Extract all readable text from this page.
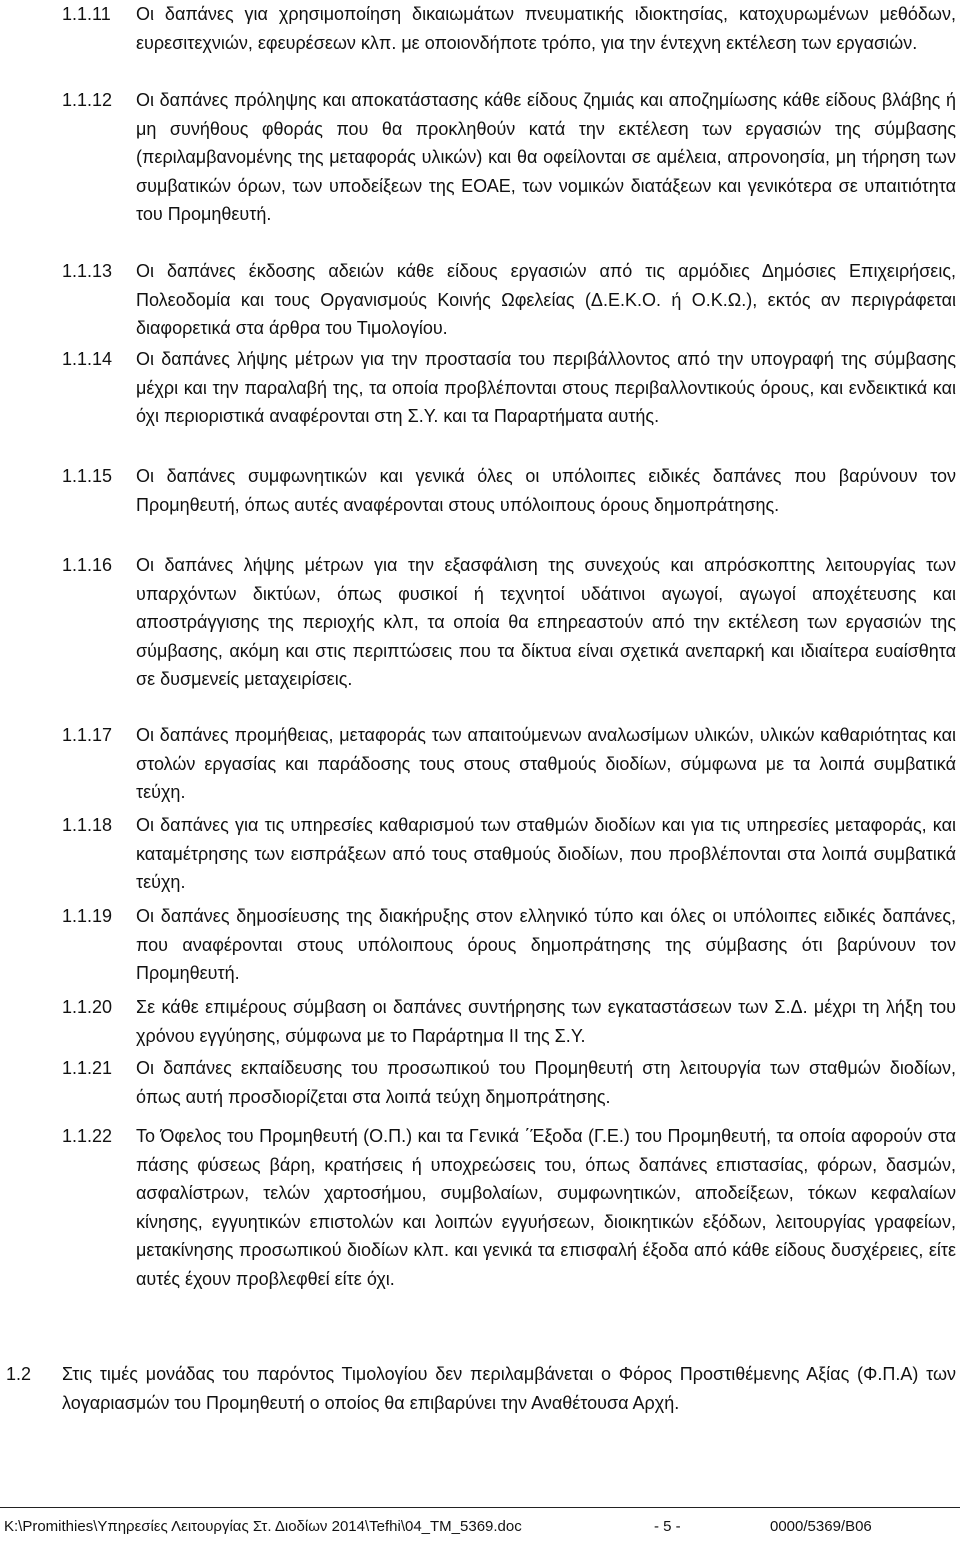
1.1.11 Οι δαπάνες για χρησιμοποίηση δικαιωμάτων πνευματικής ιδιοκτησίας, κατοχυρωμένων μεθόδων, ευρεσιτεχνιών, εφευρέσεων κλπ. με οποιονδήποτε τρόπο, για την έντεχνη εκτέλεση των εργασιών.
1.1.12 Οι δαπάνες πρόληψης και αποκατάστασης κάθε είδους ζημιάς και αποζημίωσης κάθε είδους βλάβης ή μη συνήθους φθοράς που θα προκληθούν κατά την εκτέλεση των εργασιών της σύμβασης (περιλαμβανομένης της μεταφοράς υλικών) και θα οφείλονται σε αμέλεια, απρονοησία, μη τήρηση των συμβατικών όρων, των υποδείξεων της ΕΟΑΕ, των νομικών διατάξεων και γενικότερα σε υπαιτιότητα του Προμηθευτή.
1.1.13 Οι δαπάνες έκδοσης αδειών κάθε είδους εργασιών από τις αρμόδιες Δημόσιες Επιχειρήσεις, Πολεοδομία και τους Οργανισμούς Κοινής Ωφελείας (Δ.Ε.Κ.Ο. ή Ο.Κ.Ω.), εκτός αν περιγράφεται διαφορετικά στα άρθρα του Τιμολογίου.
1.1.14 Οι δαπάνες λήψης μέτρων για την προστασία του περιβάλλοντος από την υπογραφή της σύμβασης μέχρι και την παραλαβή της, τα οποία προβλέπονται στους περιβαλλοντικούς όρους, και ενδεικτικά και όχι περιοριστικά αναφέρονται στη Σ.Υ. και τα Παραρτήματα αυτής.
1.1.15 Οι δαπάνες συμφωνητικών και γενικά όλες οι υπόλοιπες ειδικές δαπάνες που βαρύνουν τον Προμηθευτή, όπως αυτές αναφέρονται στους υπόλοιπους όρους δημοπράτησης.
1.1.16 Οι δαπάνες λήψης μέτρων για την εξασφάλιση της συνεχούς και απρόσκοπτης λειτουργίας των υπαρχόντων δικτύων, όπως φυσικοί ή τεχνητοί υδάτινοι αγωγοί, αγωγοί αποχέτευσης και αποστράγγισης της περιοχής κλπ, τα οποία θα επηρεαστούν από την εκτέλεση των εργασιών της σύμβασης, ακόμη και στις περιπτώσεις που τα δίκτυα είναι σχετικά ανεπαρκή και ιδιαίτερα ευαίσθητα σε δυσμενείς μεταχειρίσεις.
1.1.17 Οι δαπάνες προμήθειας, μεταφοράς των απαιτούμενων αναλωσίμων υλικών, υλικών καθαριότητας και στολών εργασίας και παράδοσης τους στους σταθμούς διοδίων, σύμφωνα με τα λοιπά συμβατικά τεύχη.
1.1.18 Οι δαπάνες για τις υπηρεσίες καθαρισμού των σταθμών διοδίων και για τις υπηρεσίες μεταφοράς, και καταμέτρησης των εισπράξεων από τους σταθμούς διοδίων, που προβλέπονται στα λοιπά συμβατικά τεύχη.
1.1.19 Οι δαπάνες δημοσίευσης της διακήρυξης στον ελληνικό τύπο και όλες οι υπόλοιπες ειδικές δαπάνες, που αναφέρονται στους υπόλοιπους όρους δημοπράτησης της σύμβασης ότι βαρύνουν τον Προμηθευτή.
1.1.20 Σε κάθε επιμέρους σύμβαση οι δαπάνες συντήρησης των εγκαταστάσεων των Σ.Δ. μέχρι τη λήξη του χρόνου εγγύησης, σύμφωνα με το Παράρτημα ΙΙ της Σ.Υ.
1.1.21 Οι δαπάνες εκπαίδευσης του προσωπικού του Προμηθευτή στη λειτουργία των σταθμών διοδίων, όπως αυτή προσδιορίζεται στα λοιπά τεύχη δημοπράτησης.
1.1.22 Το Όφελος του Προμηθευτή (Ο.Π.) και τα Γενικά ΄Έξοδα (Γ.Ε.) του Προμηθευτή, τα οποία αφορούν στα πάσης φύσεως βάρη, κρατήσεις ή υποχρεώσεις του, όπως δαπάνες επιστασίας, φόρων, δασμών, ασφαλίστρων, τελών χαρτοσήμου, συμβολαίων, συμφωνητικών, αποδείξεων, τόκων κεφαλαίων κίνησης, εγγυητικών επιστολών και λοιπών εγγυήσεων, διοικητικών εξόδων, λειτουργίας γραφείων, μετακίνησης προσωπικού διοδίων κλπ. και γενικά τα επισφαλή έξοδα από κάθε είδους δυσχέρειες, είτε αυτές έχουν προβλεφθεί είτε όχι.
1.2 Στις τιμές μονάδας του παρόντος Τιμολογίου δεν περιλαμβάνεται ο Φόρος Προστιθέμενης Αξίας (Φ.Π.Α) των λογαριασμών του Προμηθευτή ο οποίος θα επιβαρύνει την Αναθέτουσα Αρχή.
K:\Promithies\Υπηρεσίες Λειτουργίας Στ. Διοδίων 2014\Tefhi\04_TM_5369.doc	- 5 -	0000/5369/Β06
